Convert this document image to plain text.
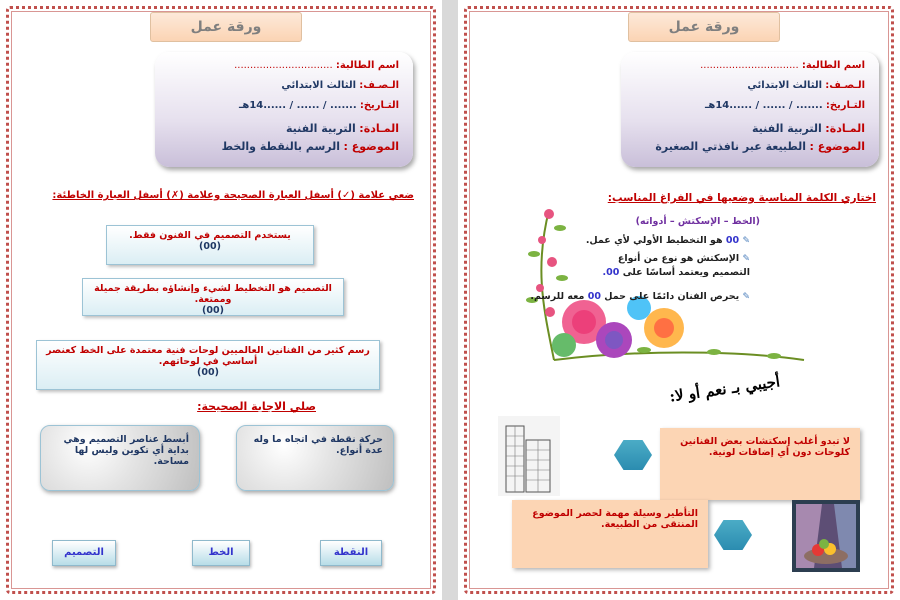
ورقة عمل
اسم الطالبة: ...............................
الـصـف: الثالث الابتدائي
التـاريخ: ....... / ...... / ......14هـ
المـادة: التربية الفنية
الموضوع : الرسم بالنقطة والخط
ضعي علامة (✓) أسفل العبارة الصحيحة وعلامة (✗) أسفل العبارة الخاطئة:
يستخدم التصميم في الفنون فقط.
(00)
التصميم هو التخطيط لشيء وإنشاؤه بطريقة جميلة وممتعة.
(00)
رسم كثير من الفنانين العالميين لوحات فنية معتمدة على الخط كعنصر أساسي في لوحاتهم.
(00)
صلي الاجابة الصحيحة:
أبسط عناصر التصميم وهي بداية أي تكوين وليس لها مساحة.
حركة نقطة في اتجاه ما وله عدة أنواع.
التصميم	الخط	النقطة
ورقة عمل
اسم الطالبة: ...............................
الـصـف: الثالث الابتدائي
التـاريخ: ....... / ...... / ......14هـ
المـادة: التربية الفنية
الموضوع : الطبيعة عبر نافذتي الصغيرة
اختاري الكلمة المناسبة وضعيها في الفراغ المناسب:
(الخط – الإسكتش – أدواته)
✎ 00 هو التخطيط الأولي لأي عمل.
✎ الإسكتش هو نوع من أنواع التصميم ويعتمد أساسًا على 00.
✎ يحرص الفنان دائمًا على حمل 00 معه للرسم.
أجيبي بـ نعم أو لا:
لا تبدو أغلب إسكتشات بعض الفنانين كلوحات دون أي إضافات لونية.
التأطير وسيلة مهمة لحصر الموضوع المنتقى من الطبيعة.
